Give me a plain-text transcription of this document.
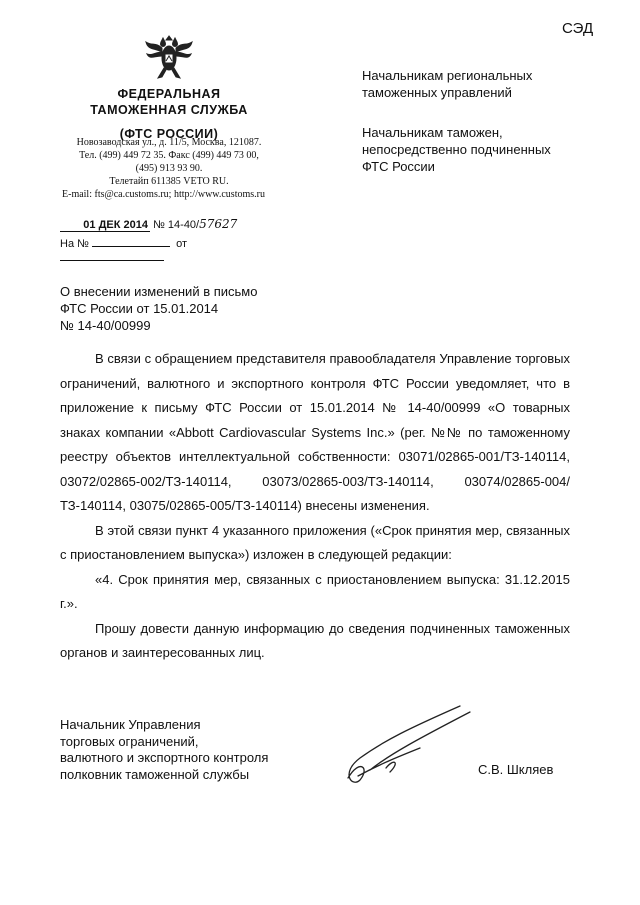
СЭД
ФЕДЕРАЛЬНАЯ
ТАМОЖЕННАЯ СЛУЖБА
(ФТС РОССИИ)
Новозаводская ул., д. 11/5, Москва, 121087.
Тел. (499) 449 72 35. Факс (499) 449 73 00,
(495) 913 93 90.
Телетайп 611385 VETO RU.
E-mail: fts@ca.customs.ru; http://www.customs.ru
01 ДЕК 2014 № 14-40/57627
На №	от
Начальникам региональных
таможенных управлений
Начальникам таможен,
непосредственно подчиненных
ФТС России
О внесении изменений в письмо
ФТС России от 15.01.2014
№ 14-40/00999

В связи с обращением представителя правообладателя Управление торговых ограничений, валютного и экспортного контроля ФТС России уведомляет, что в приложение к письму ФТС России от 15.01.2014 № 14-40/00999 «О товарных знаках компании «Abbott Cardiovascular Systems Inc.» (рег. №№ по таможенному реестру объектов интеллектуальной собственности: 03071/02865-001/ТЗ-140114, 03072/02865-002/ТЗ-140114, 03073/02865-003/ТЗ-140114, 03074/02865-004/ТЗ-140114, 03075/02865-005/ТЗ-140114) внесены изменения.

В этой связи пункт 4 указанного приложения («Срок принятия мер, связанных с приостановлением выпуска») изложен в следующей редакции:

«4. Срок принятия мер, связанных с приостановлением выпуска: 31.12.2015 г.».

Прошу довести данную информацию до сведения подчиненных таможенных органов и заинтересованных лиц.

Начальник Управления
торговых ограничений,
валютного и экспортного контроля
полковник таможенной службы	С.В. Шкляев
